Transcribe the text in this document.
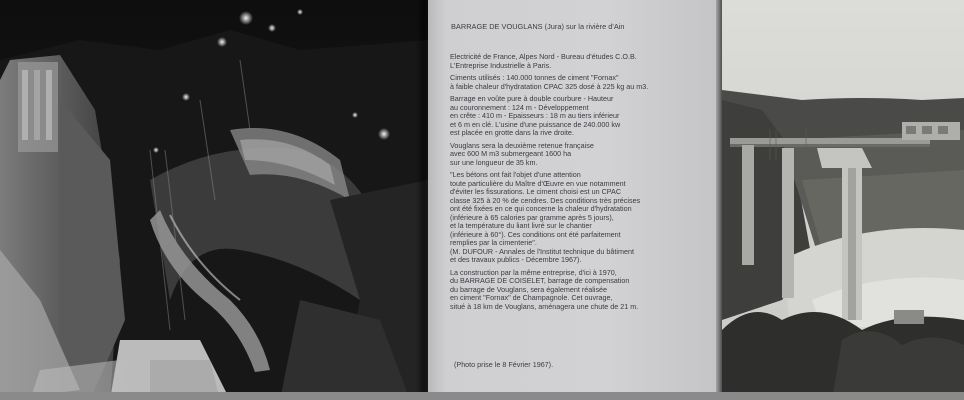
BARRAGE DE VOUGLANS (Jura) sur la rivière d'Ain

Electricité de France, Alpes Nord - Bureau d'études C.O.B.
L'Entreprise Industrielle à Paris.

Ciments utilisés : 140.000 tonnes de ciment "Fornax"
à faible chaleur d'hydratation CPAC 325 dosé à 225 kg au m3.

Barrage en voûte pure à double courbure - Hauteur
au couronnement : 124 m - Développement
en crête : 410 m - Epaisseurs : 18 m au tiers inférieur
et 6 m en clé. L'usine d'une puissance de 240.000 kw
est placée en grotte dans la rive droite.

Vouglans sera la deuxième retenue française
avec 600 M m3 submergeant 1600 ha
sur une longueur de 35 km.

"Les bétons ont fait l'objet d'une attention
toute particulière du Maître d'Œuvre en vue notamment
d'éviter les fissurations. Le ciment choisi est un CPAC
classe 325 à 20 % de cendres. Des conditions très précises
ont été fixées en ce qui concerne la chaleur d'hydratation
(inférieure à 65 calories par gramme après 5 jours),
et la température du liant livré sur le chantier
(inférieure à 60°). Ces conditions ont été parfaitement
remplies par la cimenterie".
(M. DUFOUR - Annales de l'Institut technique du bâtiment
et des travaux publics - Décembre 1967).

La construction par la même entreprise, d'ici à 1970,
du BARRAGE DE COISELET, barrage de compensation
du barrage de Vouglans, sera également réalisée
en ciment "Fornax" de Champagnole. Cet ouvrage,
situé à 18 km de Vouglans, aménagera une chute de 21 m.

(Photo prise le 8 Février 1967).
